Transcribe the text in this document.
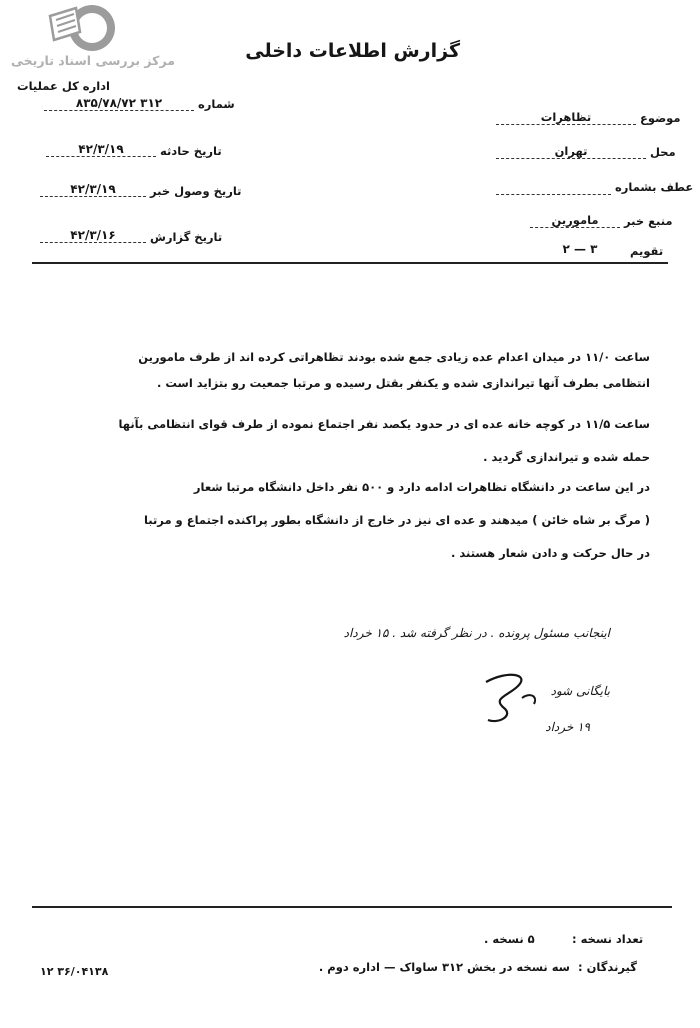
مرکز بررسی اسناد تاریخی	گزارش اطلاعات داخلی
اداره کل عملیات
شماره
۸۳۵/۷۸/۷۲ ۳۱۲
تاریخ حادثه
۴۲/۳/۱۹
تاریخ وصول خبر
۴۲/۳/۱۹
تاریخ گزارش
۴۲/۳/۱۶
موضوع
تظاهرات
محل
تهران
عطف بشماره
منبع خبر
مامورین
تقویم
۲ — ۳
ساعت ۱۱/۰ در میدان اعدام عده زیادی جمع شده بودند تظاهراتی کرده اند از طرف مامورین
انتظامی بطرف آنها تیراندازی شده و یکنفر بقتل رسیده و مرتبا جمعیت رو بتزاید است .
ساعت ۱۱/۵ در کوچه خانه عده ای در حدود یکصد نفر اجتماع نموده از طرف قوای انتظامی بآنها
حمله شده و تیراندازی گردید .
در این ساعت در دانشگاه تظاهرات ادامه دارد و ۵۰۰ نفر داخل دانشگاه مرتبا شعار
( مرگ بر شاه خائن ) میدهند و عده ای نیز در خارج از دانشگاه بطور پراکنده اجتماع و مرتبا
در حال حرکت و دادن شعار هستند .
اینجانب مسئول پرونده . در نظر گرفته شد . ۱۵ خرداد
بایگانی شود
۱۹ خرداد
تعداد نسخه :
۵ نسخه .
گیرندگان :
سه نسخه در بخش ۳۱۲ ساواک — اداره دوم .
۳۶/۰۴۱۳۸ ۱۲
